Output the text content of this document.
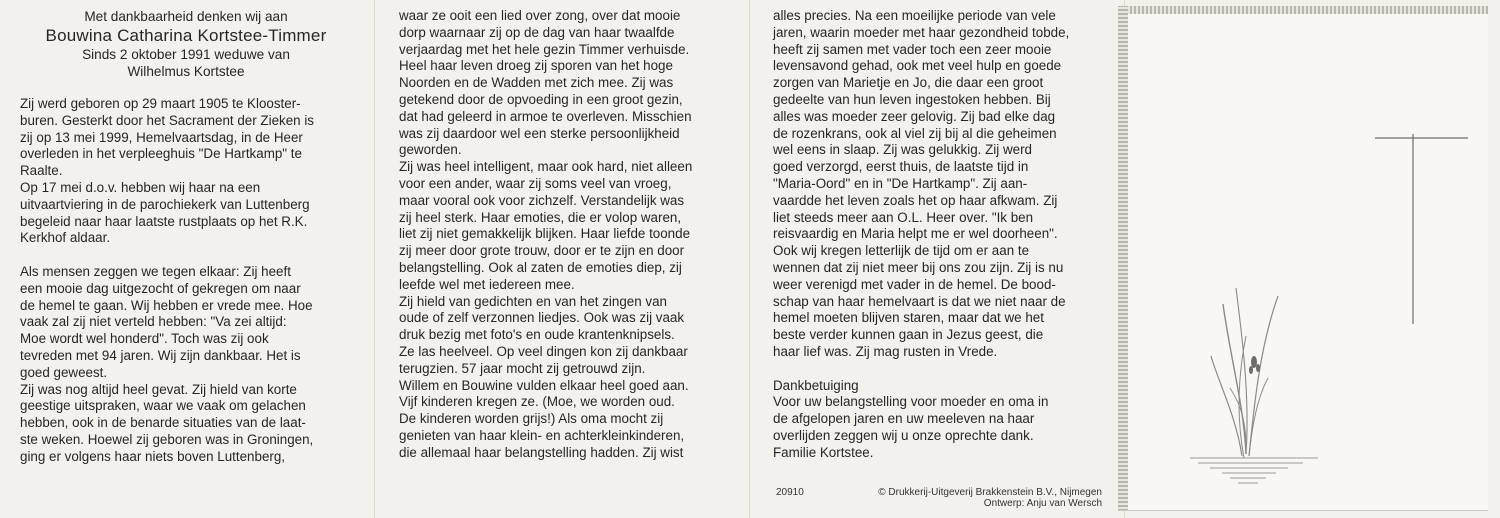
Met dankbaarheid denken wij aan
Bouwina Catharina Kortstee-Timmer
Sinds 2 oktober 1991 weduwe van
Wilhelmus Kortstee

Zij werd geboren op 29 maart 1905 te Klooster-
buren. Gesterkt door het Sacrament der Zieken is
zij op 13 mei 1999, Hemelvaartsdag, in de Heer
overleden in het verpleeghuis "De Hartkamp" te
Raalte.

Op 17 mei d.o.v. hebben wij haar na een
uitvaartviering in de parochiekerk van Luttenberg
begeleid naar haar laatste rustplaats op het R.K.
Kerkhof aldaar.

Als mensen zeggen we tegen elkaar: Zij heeft
een mooie dag uitgezocht of gekregen om naar
de hemel te gaan. Wij hebben er vrede mee. Hoe
vaak zal zij niet verteld hebben: "Va zei altijd:
Moe wordt wel honderd". Toch was zij ook
tevreden met 94 jaren. Wij zijn dankbaar. Het is
goed geweest.

Zij was nog altijd heel gevat. Zij hield van korte
geestige uitspraken, waar we vaak om gelachen
hebben, ook in de benarde situaties van de laat-
ste weken. Hoewel zij geboren was in Groningen,
ging er volgens haar niets boven Luttenberg,

waar ze ooit een lied over zong, over dat mooie
dorp waarnaar zij op de dag van haar twaalfde
verjaardag met het hele gezin Timmer verhuisde.
Heel haar leven droeg zij sporen van het hoge
Noorden en de Wadden met zich mee. Zij was
getekend door de opvoeding in een groot gezin,
dat had geleerd in armoe te overleven. Misschien
was zij daardoor wel een sterke persoonlijkheid
geworden.

Zij was heel intelligent, maar ook hard, niet alleen
voor een ander, waar zij soms veel van vroeg,
maar vooral ook voor zichzelf. Verstandelijk was
zij heel sterk. Haar emoties, die er volop waren,
liet zij niet gemakkelijk blijken. Haar liefde toonde
zij meer door grote trouw, door er te zijn en door
belangstelling. Ook al zaten de emoties diep, zij
leefde wel met iedereen mee.

Zij hield van gedichten en van het zingen van
oude of zelf verzonnen liedjes. Ook was zij vaak
druk bezig met foto's en oude krantenknipsels.
Ze las heelveel. Op veel dingen kon zij dankbaar
terugzien. 57 jaar mocht zij getrouwd zijn.
Willem en Bouwine vulden elkaar heel goed aan.
Vijf kinderen kregen ze. (Moe, we worden oud.
De kinderen worden grijs!) Als oma mocht zij
genieten van haar klein- en achterkleinkinderen,
die allemaal haar belangstelling hadden. Zij wist

alles precies. Na een moeilijke periode van vele
jaren, waarin moeder met haar gezondheid tobde,
heeft zij samen met vader toch een zeer mooie
levensavond gehad, ook met veel hulp en goede
zorgen van Marietje en Jo, die daar een groot
gedeelte van hun leven ingestoken hebben. Bij
alles was moeder zeer gelovig. Zij bad elke dag
de rozenkrans, ook al viel zij bij al die geheimen
wel eens in slaap. Zij was gelukkig. Zij werd
goed verzorgd, eerst thuis, de laatste tijd in
"Maria-Oord" en in "De Hartkamp". Zij aan-
vaardde het leven zoals het op haar afkwam. Zij
liet steeds meer aan O.L. Heer over. "Ik ben
reisvaardig en Maria helpt me er wel doorheen".

Ook wij kregen letterlijk de tijd om er aan te
wennen dat zij niet meer bij ons zou zijn. Zij is nu
weer verenigd met vader in de hemel. De bood-
schap van haar hemelvaart is dat we niet naar de
hemel moeten blijven staren, maar dat we het
beste verder kunnen gaan in Jezus geest, die
haar lief was. Zij mag rusten in Vrede.

Dankbetuiging

Voor uw belangstelling voor moeder en oma in
de afgelopen jaren en uw meeleven na haar
overlijden zeggen wij u onze oprechte dank.

Familie Kortstee.

20910	© Drukkerij-Uitgeverij Brakkenstein B.V., Nijmegen
Ontwerp: Anju van Wersch
